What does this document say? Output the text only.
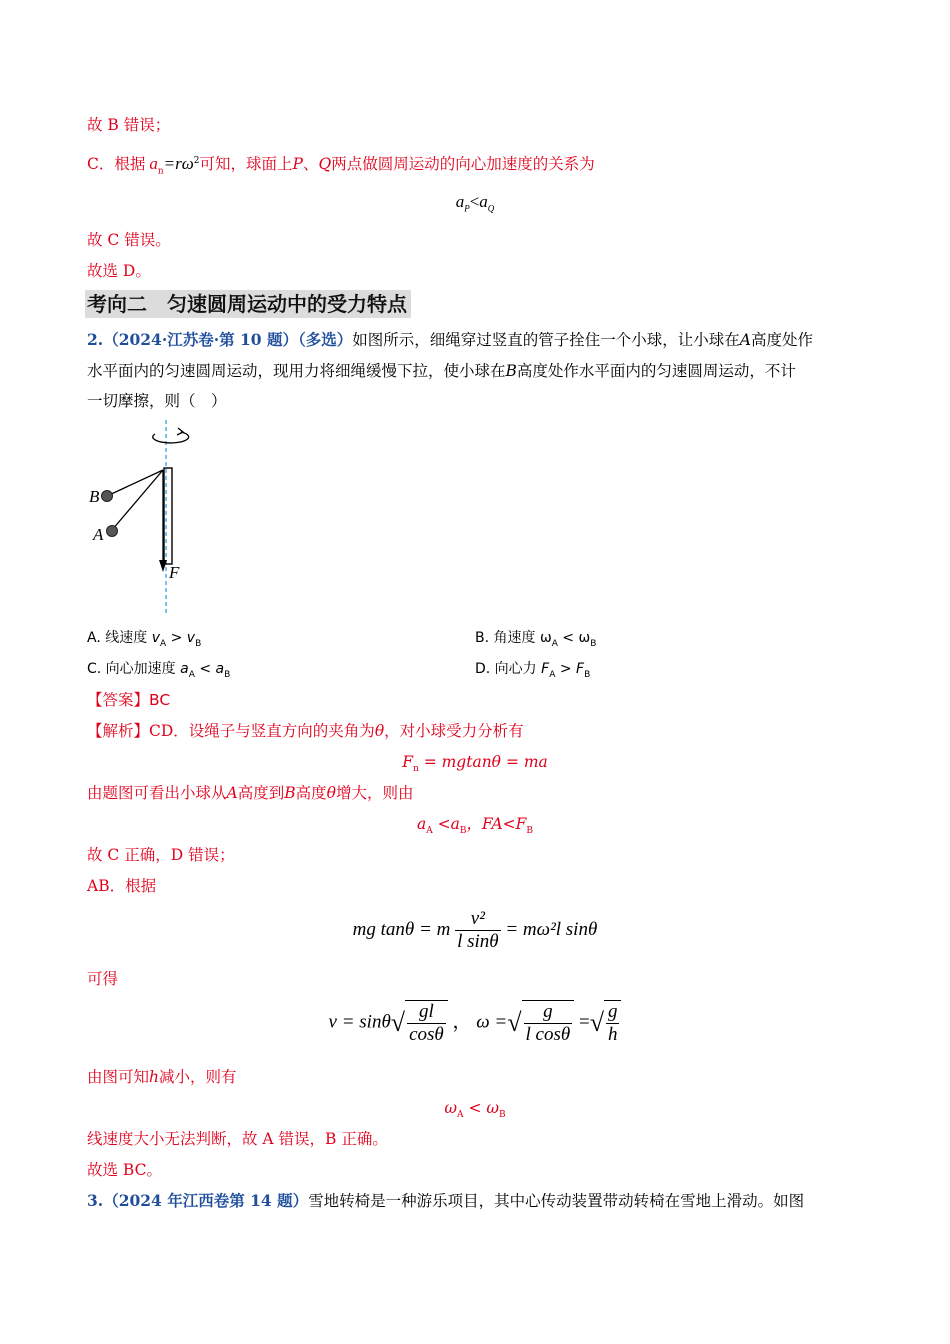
故 B 错误；
C．根据 $a_n=r\omega^2$可知，球面上P、Q两点做圆周运动的向心加速度的关系为
$a_P<a_Q$
故 C 错误。
故选 D。
考向二　匀速圆周运动中的受力特点
2.（2024·江苏卷·第 10 题）（多选）如图所示，细绳穿过竖直的管子拴住一个小球，让小球在A高度处作
水平面内的匀速圆周运动，现用力将细绳缓慢下拉，使小球在B高度处作水平面内的匀速圆周运动，不计
一切摩擦，则（　）
B
A
F
A. 线速度 $v_A > v_B$	B. 角速度 $\omega_A < \omega_B$
C. 向心加速度 $a_A < a_B$	D. 向心力 $F_A > F_B$
【答案】BC
【解析】CD．设绳子与竖直方向的夹角为θ，对小球受力分析有
$F_n = mgtan\theta$ = ma
由题图可看出小球从A高度到B高度θ增大，则由
$a_A <a_B$，$FA<F_B$
故 C 正确，D 错误；
AB．根据
mg tanθ = m $\frac{\text{v²}}{\text{l sinθ}} = m\omega^2l$ sinθ
可得
$v = \sin\theta√ \frac{gl}{\cos\theta}$ ， ω =√ $\frac{g}{\text{l cosθ}}$ =√ $\frac{g}{h}$
由图可知h减小，则有
$\omega_A < \omega_B$
线速度大小无法判断，故 A 错误，B 正确。
故选 BC。
3.（2024 年江西卷第 14 题）雪地转椅是一种游乐项目，其中心传动装置带动转椅在雪地上滑动。如图
